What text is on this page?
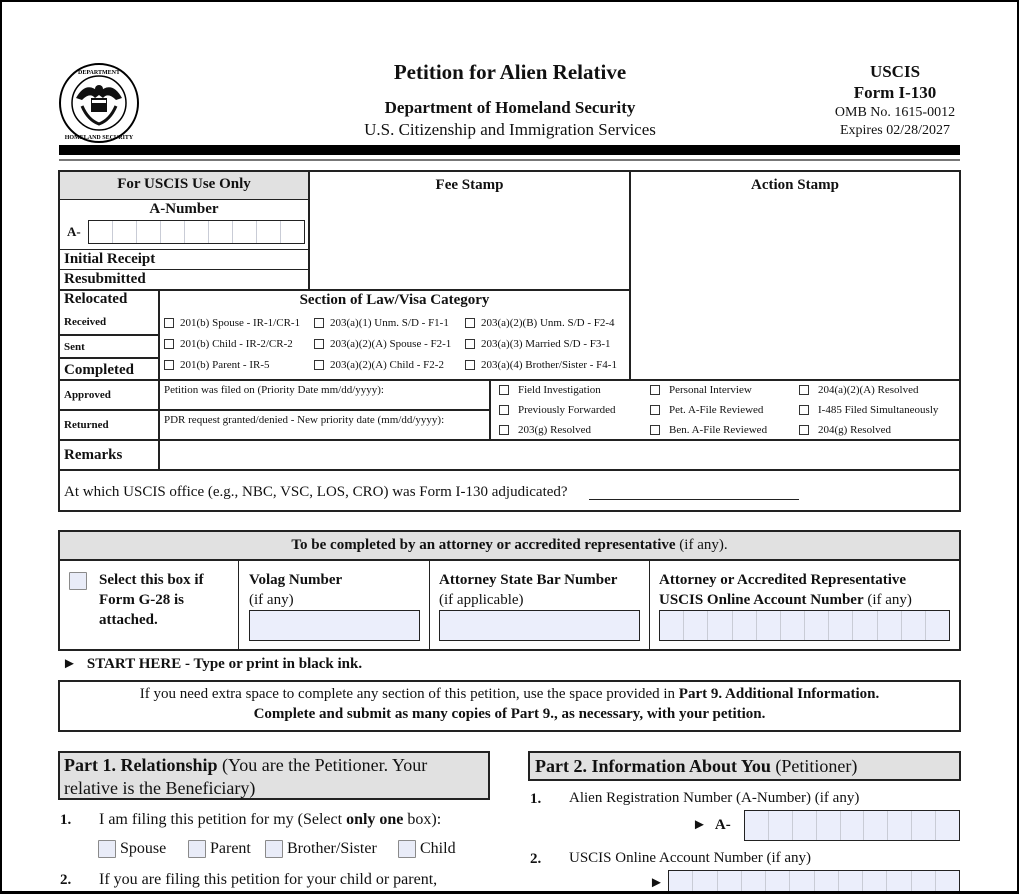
DEPARTMENT
HOMELAND SECURITY
Petition for Alien Relative
Department of Homeland Security
U.S. Citizenship and Immigration Services
USCIS
Form I-130
OMB No. 1615-0012
Expires 02/28/2027
For USCIS Use Only	Fee Stamp	Action Stamp
A-Number
A-
Initial Receipt
Resubmitted
Relocated
Received
Sent
Completed
Section of Law/Visa Category
201(b) Spouse - IR-1/CR-1	203(a)(1) Unm. S/D - F1-1	203(a)(2)(B) Unm. S/D - F2-4
201(b) Child - IR-2/CR-2	203(a)(2)(A) Spouse - F2-1	203(a)(3) Married S/D - F3-1
201(b) Parent - IR-5	203(a)(2)(A) Child - F2-2	203(a)(4) Brother/Sister - F4-1
Approved	Petition was filed on (Priority Date mm/dd/yyyy):
Returned	PDR request granted/denied - New priority date (mm/dd/yyyy):
Field Investigation	Personal Interview	204(a)(2)(A) Resolved
Previously Forwarded	Pet. A-File Reviewed	I-485 Filed Simultaneously
203(g) Resolved	Ben. A-File Reviewed	204(g) Resolved
Remarks
At which USCIS office (e.g., NBC, VSC, LOS, CRO) was Form I-130 adjudicated?
To be completed by an attorney or accredited representative (if any).
Select this box if Form G-28 is attached.
Volag Number
(if any)
Attorney State Bar Number
(if applicable)
Attorney or Accredited Representative
USCIS Online Account Number (if any)
► START HERE - Type or print in black ink.
If you need extra space to complete any section of this petition, use the space provided in Part 9. Additional Information.
Complete and submit as many copies of Part 9., as necessary, with your petition.
Part 1. Relationship (You are the Petitioner. Your relative is the Beneficiary)
1. I am filing this petition for my (Select only one box):
Spouse	Parent	Brother/Sister	Child
2. If you are filing this petition for your child or parent,
Part 2. Information About You (Petitioner)
1. Alien Registration Number (A-Number) (if any)
► A-
2. USCIS Online Account Number (if any)
►
